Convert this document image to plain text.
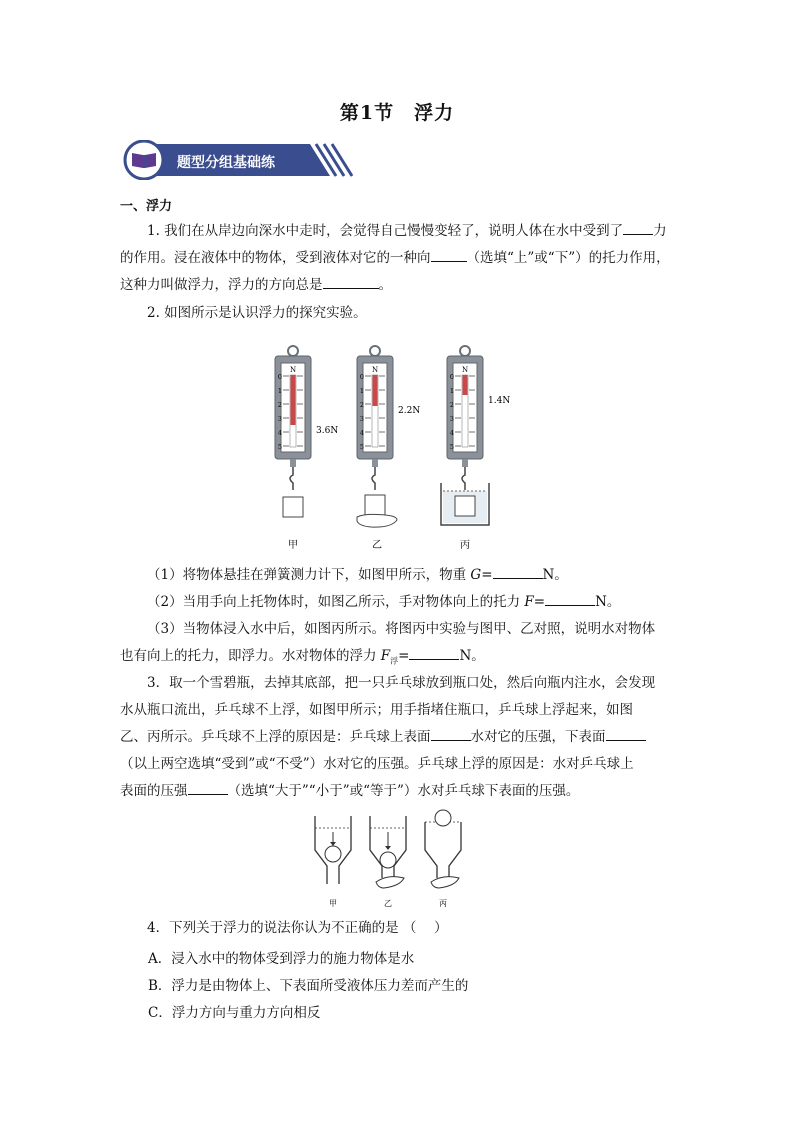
第1节　浮力
题型分组基础练
一、浮力
1. 我们在从岸边向深水中走时，会觉得自己慢慢变轻了，说明人体在水中受到了 力的作用。浸在液体中的物体，受到液体对它的一种向	（选填“上”或“下”）的托力作用，这种力叫做浮力，浮力的方向总是	。
2. 如图所示是认识浮力的探究实验。
N
0
1
2
3
4
5
3.6N
甲
N
0
1
2
3
4
5
2.2N
乙
N
0
1
2
3
4
5
1.4N
丙
（1）将物体悬挂在弹簧测力计下，如图甲所示，物重 G=	N。
（2）当用手向上托物体时，如图乙所示，手对物体向上的托力 F=	N。
（3）当物体浸入水中后，如图丙所示。将图丙中实验与图甲、乙对照，说明水对物体
也有向上的托力，即浮力。水对物体的浮力 $F_浮=$	N。
3．取一个雪碧瓶，去掉其底部，把一只乒乓球放到瓶口处，然后向瓶内注水，会发现
水从瓶口流出，乒乓球不上浮，如图甲所示；用手指堵住瓶口，乒乓球上浮起来，如图
乙、丙所示。乒乓球不上浮的原因是：乒乓球上表面	水对它的压强，下表面
（以上两空选填“受到”或“不受”）水对它的压强。乒乓球上浮的原因是：水对乒乓球上
表面的压强	（选填“大于”“小于”或“等于”）水对乒乓球下表面的压强。
甲	乙	丙
4．下列关于浮力的说法你认为不正确的是 （　 ）
A．浸入水中的物体受到浮力的施力物体是水
B．浮力是由物体上、下表面所受液体压力差而产生的
C．浮力方向与重力方向相反
